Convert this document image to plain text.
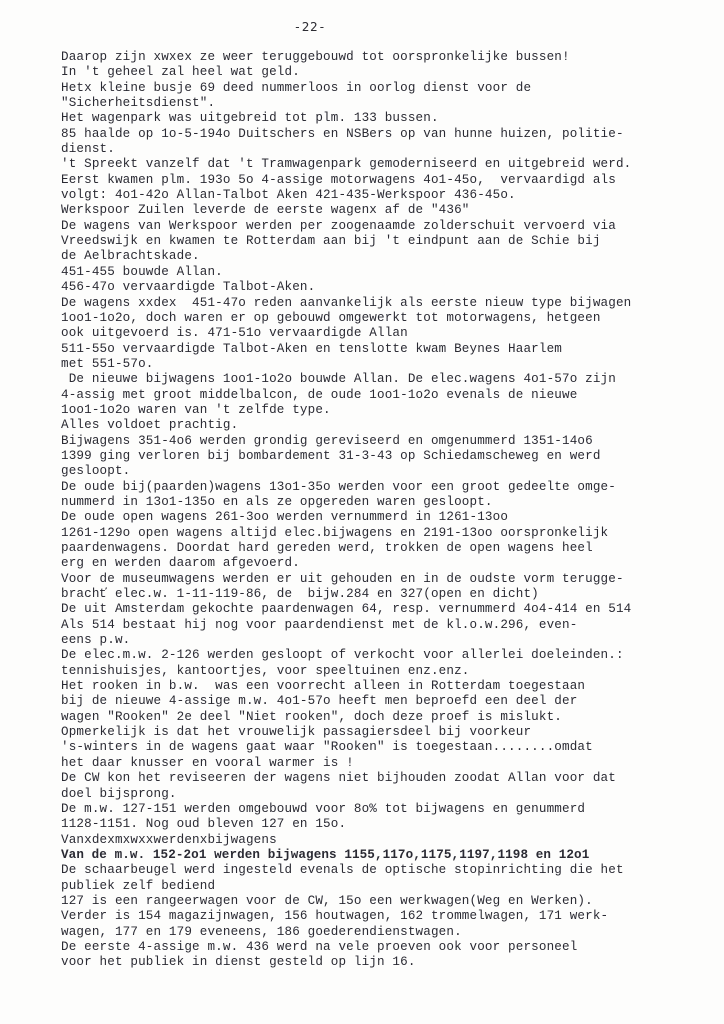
-22-
Daarop zijn xwxex ze weer teruggebouwd tot oorspronkelijke bussen!
In 't geheel zal heel wat geld.
Hetx kleine busje 69 deed nummerloos in oorlog dienst voor de
"Sicherheitsdienst".
Het wagenpark was uitgebreid tot plm. 133 bussen.
85 haalde op 1o-5-194o Duitschers en NSBers op van hunne huizen, politie-
dienst.
't Spreekt vanzelf dat 't Tramwagenpark gemoderniseerd en uitgebreid werd.
Eerst kwamen plm. 193o 5o 4-assige motorwagens 4o1-45o,  vervaardigd als
volgt: 4o1-42o Allan-Talbot Aken 421-435-Werkspoor 436-45o.
Werkspoor Zuilen leverde de eerste wagenx af de "436"
De wagens van Werkspoor werden per zoogenaamde zolderschuit vervoerd via
Vreedswijk en kwamen te Rotterdam aan bij 't eindpunt aan de Schie bij
de Aelbrachtskade.
451-455 bouwde Allan.
456-47o vervaardigde Talbot-Aken.
De wagens xxdex  451-47o reden aanvankelijk als eerste nieuw type bijwagen
1oo1-1o2o, doch waren er op gebouwd omgewerkt tot motorwagens, hetgeen
ook uitgevoerd is. 471-51o vervaardigde Allan
511-55o vervaardigde Talbot-Aken en tenslotte kwam Beynes Haarlem
met 551-57o.
De nieuwe bijwagens 1oo1-1o2o bouwde Allan. De elec.wagens 4o1-57o zijn
4-assig met groot middelbalcon, de oude 1oo1-1o2o evenals de nieuwe
1oo1-1o2o waren van 't zelfde type.
Alles voldoet prachtig.
Bijwagens 351-4o6 werden grondig gereviseerd en omgenummerd 1351-14o6
1399 ging verloren bij bombardement 31-3-43 op Schiedamscheweg en werd
gesloopt.
De oude bij(paarden)wagens 13o1-35o werden voor een groot gedeelte omge-
nummerd in 13o1-135o en als ze opgereden waren gesloopt.
De oude open wagens 261-3oo werden vernummerd in 1261-13oo
1261-129o open wagens altijd elec.bijwagens en 2191-13oo oorspronkelijk
paardenwagens. Doordat hard gereden werd, trokken de open wagens heel
erg en werden daarom afgevoerd.
Voor de museumwagens werden er uit gehouden en in de oudste vorm terugge-
brachť elec.w. 1-11-119-86, de  bijw.284 en 327(open en dicht)
De uit Amsterdam gekochte paardenwagen 64, resp. vernummerd 4o4-414 en 514
Als 514 bestaat hij nog voor paardendienst met de kl.o.w.296, even-
eens p.w.
De elec.m.w. 2-126 werden gesloopt of verkocht voor allerlei doeleinden.:
tennishuisjes, kantoortjes, voor speeltuinen enz.enz.
Het rooken in b.w.  was een voorrecht alleen in Rotterdam toegestaan
bij de nieuwe 4-assige m.w. 4o1-57o heeft men beproefd een deel der
wagen "Rooken" 2e deel "Niet rooken", doch deze proef is mislukt.
Opmerkelijk is dat het vrouwelijk passagiersdeel bij voorkeur
's-winters in de wagens gaat waar "Rooken" is toegestaan........omdat
het daar knusser en vooral warmer is !
De CW kon het reviseeren der wagens niet bijhouden zoodat Allan voor dat
doel bijsprong.
De m.w. 127-151 werden omgebouwd voor 8o% tot bijwagens en genummerd
1128-1151. Nog oud bleven 127 en 15o.
Vanxdexmxwxxwerdenxbijwagens
Van de m.w. 152-2o1 werden bijwagens 1155,117o,1175,1197,1198 en 12o1
De schaarbeugel werd ingesteld evenals de optische stopinrichting die het
publiek zelf bediend
127 is een rangeerwagen voor de CW, 15o een werkwagen(Weg en Werken).
Verder is 154 magazijnwagen, 156 houtwagen, 162 trommelwagen, 171 werk-
wagen, 177 en 179 eveneens, 186 goederendienstwagen.
De eerste 4-assige m.w. 436 werd na vele proeven ook voor personeel
voor het publiek in dienst gesteld op lijn 16.
